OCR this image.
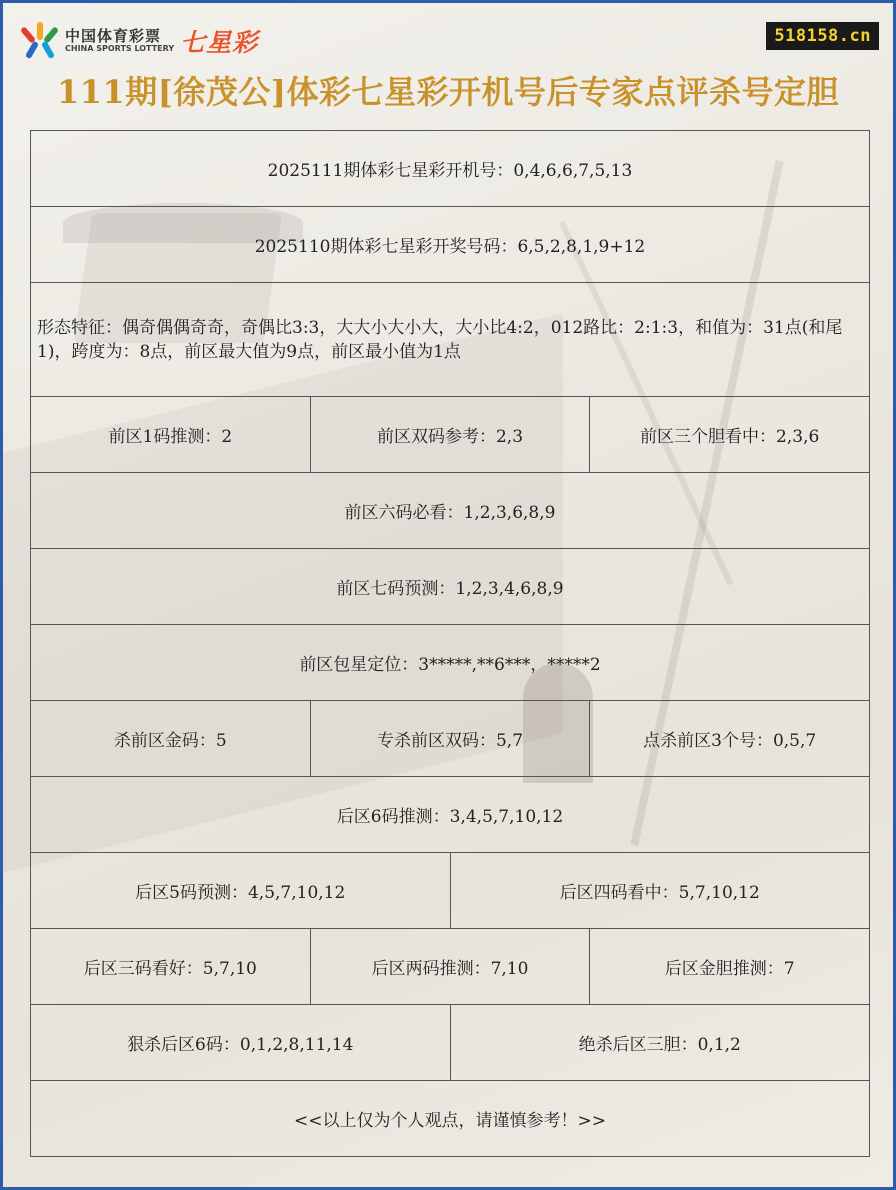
中国体育彩票
CHINA SPORTS LOTTERY 七星彩	518158.cn
111期[徐茂公]体彩七星彩开机号后专家点评杀号定胆
2025111期体彩七星彩开机号：0,4,6,6,7,5,13
2025110期体彩七星彩开奖号码：6,5,2,8,1,9+12
形态特征：偶奇偶偶奇奇，奇偶比3:3，大大小大小大，大小比4:2，012路比：2:1:3，和值为：31点(和尾1)，跨度为：8点，前区最大值为9点，前区最小值为1点
前区1码推测：2	前区双码参考：2,3	前区三个胆看中：2,3,6
前区六码必看：1,2,3,6,8,9
前区七码预测：1,2,3,4,6,8,9
前区包星定位：3*****,**6***，*****2
杀前区金码：5	专杀前区双码：5,7	点杀前区3个号：0,5,7
后区6码推测：3,4,5,7,10,12
后区5码预测：4,5,7,10,12	后区四码看中：5,7,10,12
后区三码看好：5,7,10	后区两码推测：7,10	后区金胆推测：7
狠杀后区6码：0,1,2,8,11,14	绝杀后区三胆：0,1,2
<<以上仅为个人观点，请谨慎参考！>>
